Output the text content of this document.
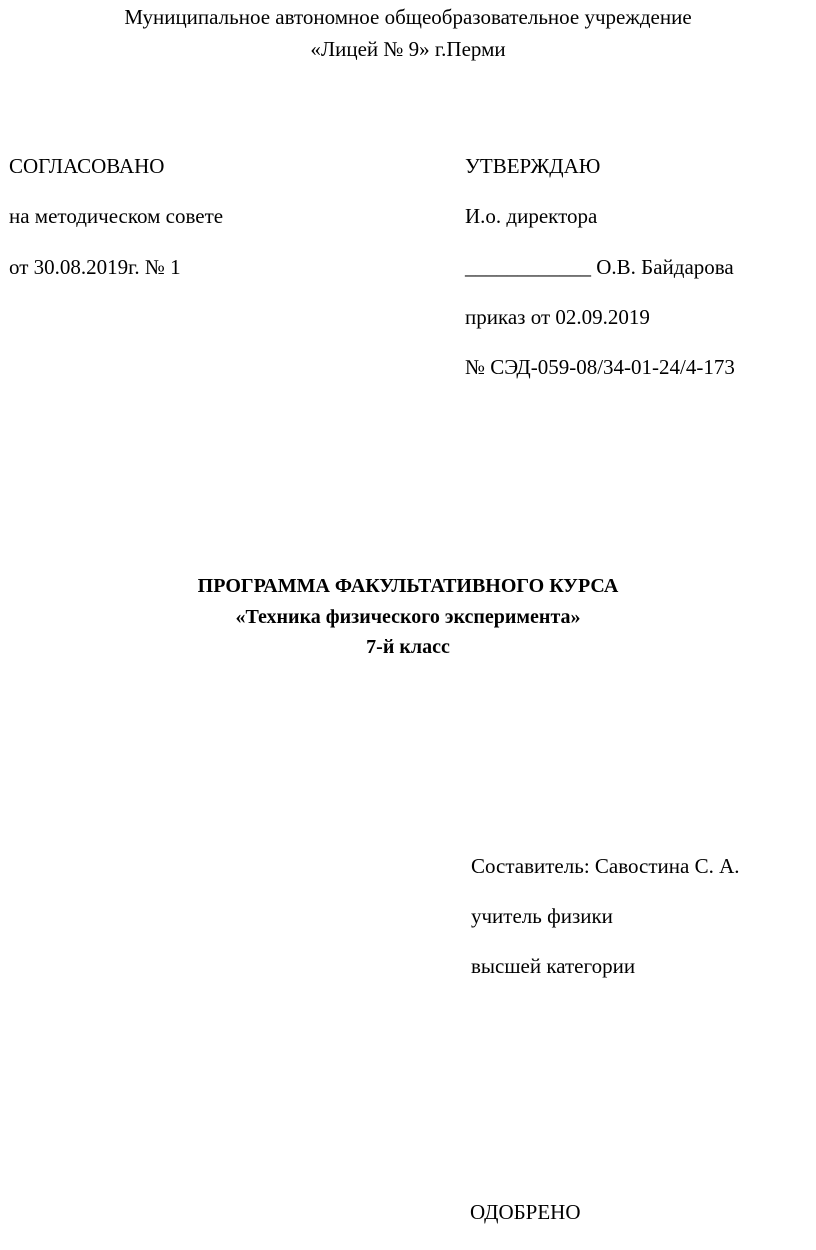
Муниципальное автономное общеобразовательное учреждение
«Лицей № 9» г.Перми
СОГЛАСОВАНО
на методическом совете
от 30.08.2019г. № 1
УТВЕРЖДАЮ
И.о. директора
____________ О.В. Байдарова
приказ от 02.09.2019
№ СЭД-059-08/34-01-24/4-173
ПРОГРАММА ФАКУЛЬТАТИВНОГО КУРСА
«Техника физического эксперимента»
7-й класс
Составитель: Савостина С. А.
учитель физики
высшей категории
ОДОБРЕНО
